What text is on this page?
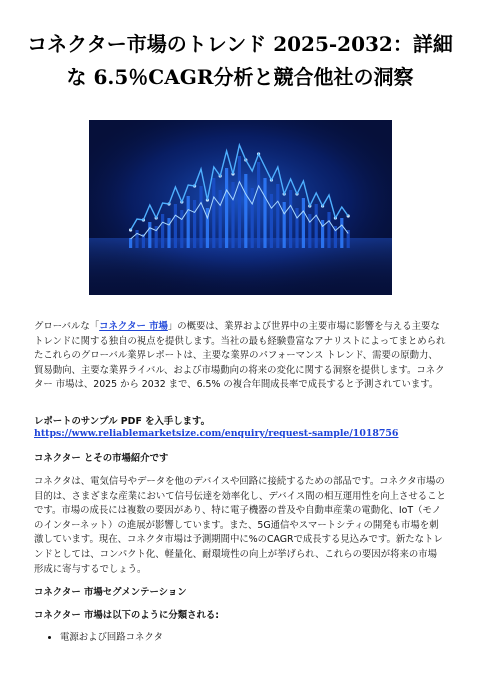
コネクター市場のトレンド 2025-2032：詳細な 6.5％CAGR分析と競合他社の洞察
グローバルな「コネクター 市場」の概要は、業界および世界中の主要市場に影響を与える主要なトレンドに関する独自の視点を提供します。当社の最も経験豊富なアナリストによってまとめられたこれらのグローバル業界レポートは、主要な業界のパフォーマンス トレンド、需要の原動力、貿易動向、主要な業界ライバル、および市場動向の将来の変化に関する洞察を提供します。コネクター 市場は、2025 から 2032 まで、6.5% の複合年間成長率で成長すると予測されています。
レポートのサンプル PDF を入手します。 https://www.reliablemarketsize.com/enquiry/request-sample/1018756
コネクター とその市場紹介です
コネクタは、電気信号やデータを他のデバイスや回路に接続するための部品です。コネクタ市場の目的は、さまざまな産業において信号伝達を効率化し、デバイス間の相互運用性を向上させることです。市場の成長には複数の要因があり、特に電子機器の普及や自動車産業の電動化、IoT（モノのインターネット）の進展が影響しています。また、5G通信やスマートシティの開発も市場を刺激しています。現在、コネクタ市場は予測期間中に%のCAGRで成長する見込みです。新たなトレンドとしては、コンパクト化、軽量化、耐環境性の向上が挙げられ、これらの要因が将来の市場形成に寄与するでしょう。
コネクター 市場セグメンテーション
コネクター 市場は以下のように分類される:
• 電源および回路コネクタ
